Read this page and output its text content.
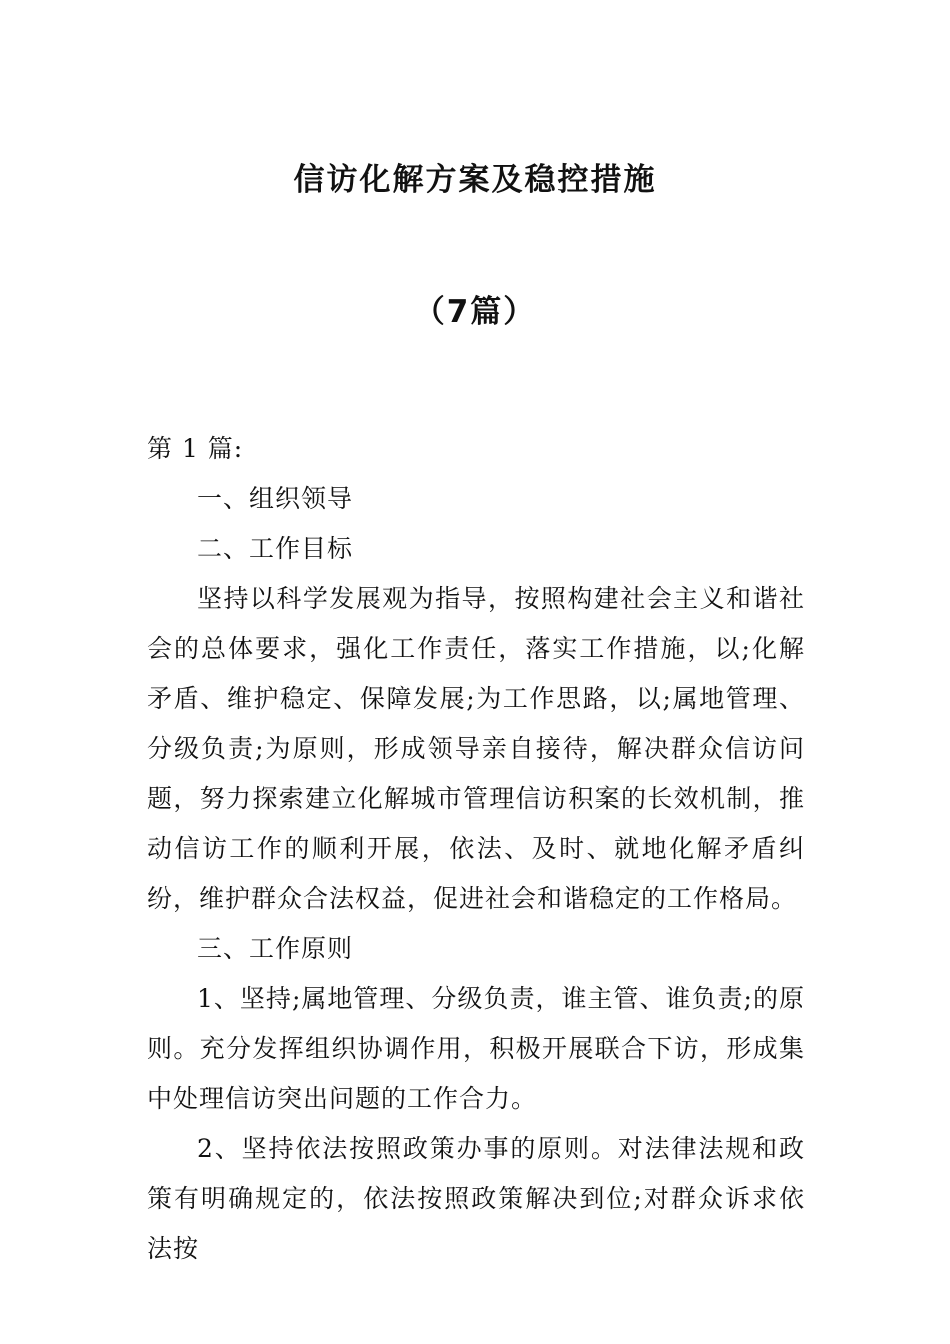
信访化解方案及稳控措施
（7篇）

第 1 篇:

一、组织领导

二、工作目标

坚持以科学发展观为指导，按照构建社会主义和谐社会的总体要求，强化工作责任，落实工作措施，以;化解矛盾、维护稳定、保障发展;为工作思路，以;属地管理、分级负责;为原则，形成领导亲自接待，解决群众信访问题，努力探索建立化解城市管理信访积案的长效机制，推动信访工作的顺利开展，依法、及时、就地化解矛盾纠纷，维护群众合法权益，促进社会和谐稳定的工作格局。

三、工作原则

1、坚持;属地管理、分级负责，谁主管、谁负责;的原则。充分发挥组织协调作用，积极开展联合下访，形成集中处理信访突出问题的工作合力。

2、坚持依法按照政策办事的原则。对法律法规和政策有明确规定的，依法按照政策解决到位;对群众诉求依法按
